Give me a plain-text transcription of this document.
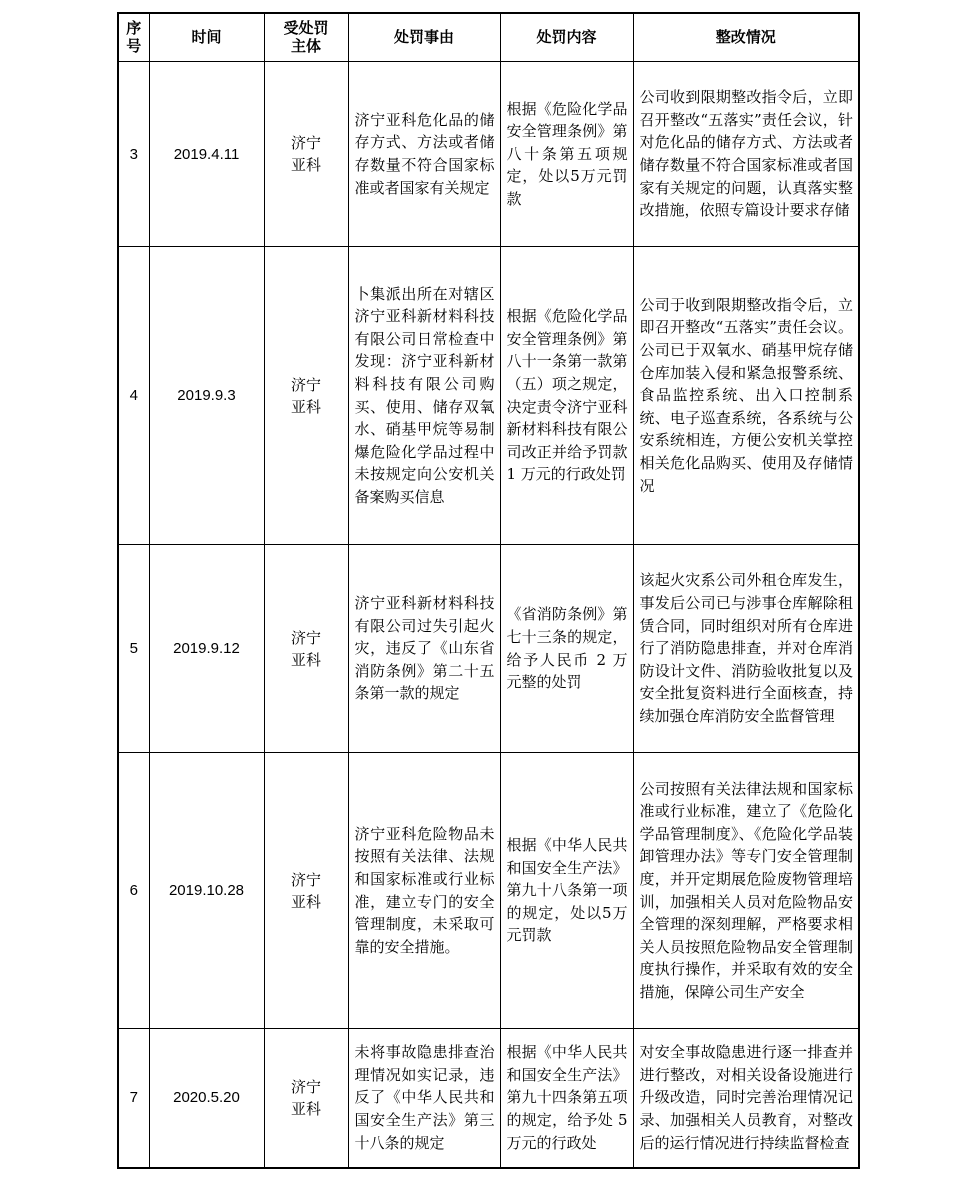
序号	时间	受处罚主体	处罚事由	处罚内容	整改情况
3	2019.4.11	济宁亚科	济宁亚科危化品的储存方式、方法或者储存数量不符合国家标准或者国家有关规定	根据《危险化学品安全管理条例》第八十条第五项规定，处以5万元罚款	公司收到限期整改指令后，立即召开整改“五落实”责任会议，针对危化品的储存方式、方法或者储存数量不符合国家标准或者国家有关规定的问题，认真落实整改措施，依照专篇设计要求存储
4	2019.9.3	济宁亚科	卜集派出所在对辖区济宁亚科新材料科技有限公司日常检查中发现：济宁亚科新材料科技有限公司购买、使用、储存双氧水、硝基甲烷等易制爆危险化学品过程中未按规定向公安机关备案购买信息	根据《危险化学品安全管理条例》第八十一条第一款第（五）项之规定，决定责令济宁亚科新材料科技有限公司改正并给予罚款 1 万元的行政处罚	公司于收到限期整改指令后，立即召开整改“五落实”责任会议。公司已于双氧水、硝基甲烷存储仓库加装入侵和紧急报警系统、食品监控系统、出入口控制系统、电子巡查系统，各系统与公安系统相连，方便公安机关掌控相关危化品购买、使用及存储情况
5	2019.9.12	济宁亚科	济宁亚科新材料科技有限公司过失引起火灾，违反了《山东省消防条例》第二十五条第一款的规定	《省消防条例》第七十三条的规定，给予人民币 2 万元整的处罚	该起火灾系公司外租仓库发生，事发后公司已与涉事仓库解除租赁合同，同时组织对所有仓库进行了消防隐患排查，并对仓库消防设计文件、消防验收批复以及安全批复资料进行全面核查，持续加强仓库消防安全监督管理
6	2019.10.28	济宁亚科	济宁亚科危险物品未按照有关法律、法规和国家标准或行业标准，建立专门的安全管理制度，未采取可靠的安全措施。	根据《中华人民共和国安全生产法》第九十八条第一项的规定，处以5万元罚款	公司按照有关法律法规和国家标准或行业标准，建立了《危险化学品管理制度》、《危险化学品装卸管理办法》等专门安全管理制度，并开定期展危险废物管理培训，加强相关人员对危险物品安全管理的深刻理解，严格要求相关人员按照危险物品安全管理制度执行操作，并采取有效的安全措施，保障公司生产安全
7	2020.5.20	济宁亚科	未将事故隐患排查治理情况如实记录，违反了《中华人民共和国安全生产法》第三十八条的规定	根据《中华人民共和国安全生产法》第九十四条第五项的规定，给予处 5 万元的行政处	对安全事故隐患进行逐一排查并进行整改，对相关设备设施进行升级改造，同时完善治理情况记录、加强相关人员教育，对整改后的运行情况进行持续监督检查
